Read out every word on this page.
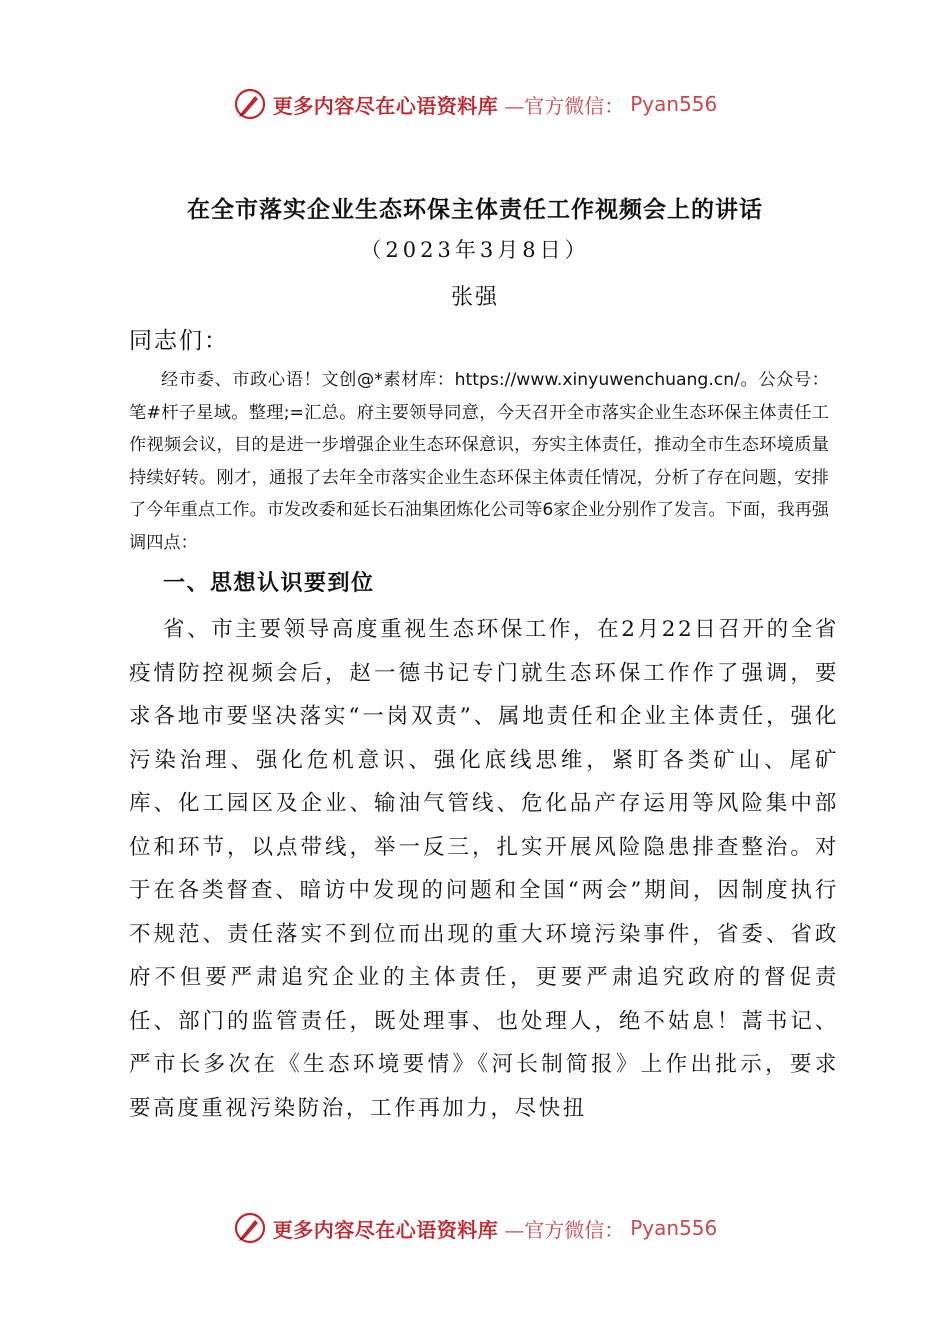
更多内容尽在心语资料库 —官方微信： Pyan556
在全市落实企业生态环保主体责任工作视频会上的讲话
（2023年3月8日）
张强
同志们：

经市委、市政心语！文创@*素材库：https://www.xinyuwenchuang.cn/。公众号：笔#杆子星域。整理;=汇总。府主要领导同意，今天召开全市落实企业生态环保主体责任工作视频会议，目的是进一步增强企业生态环保意识，夯实主体责任，推动全市生态环境质量持续好转。刚才，通报了去年全市落实企业生态环保主体责任情况，分析了存在问题，安排了今年重点工作。市发改委和延长石油集团炼化公司等6家企业分别作了发言。下面，我再强调四点：

一、思想认识要到位

省、市主要领导高度重视生态环保工作，在2月22日召开的全省疫情防控视频会后，赵一德书记专门就生态环保工作作了强调，要求各地市要坚决落实“一岗双责”、属地责任和企业主体责任，强化污染治理、强化危机意识、强化底线思维，紧盯各类矿山、尾矿库、化工园区及企业、输油气管线、危化品产存运用等风险集中部位和环节，以点带线，举一反三，扎实开展风险隐患排查整治。对于在各类督查、暗访中发现的问题和全国“两会”期间，因制度执行不规范、责任落实不到位而出现的重大环境污染事件，省委、省政府不但要严肃追究企业的主体责任，更要严肃追究政府的督促责任、部门的监管责任，既处理事、也处理人，绝不姑息！蒿书记、严市长多次在《生态环境要情》《河长制简报》上作出批示，要求要高度重视污染防治，工作再加力，尽快扭

更多内容尽在心语资料库 —官方微信： Pyan556
